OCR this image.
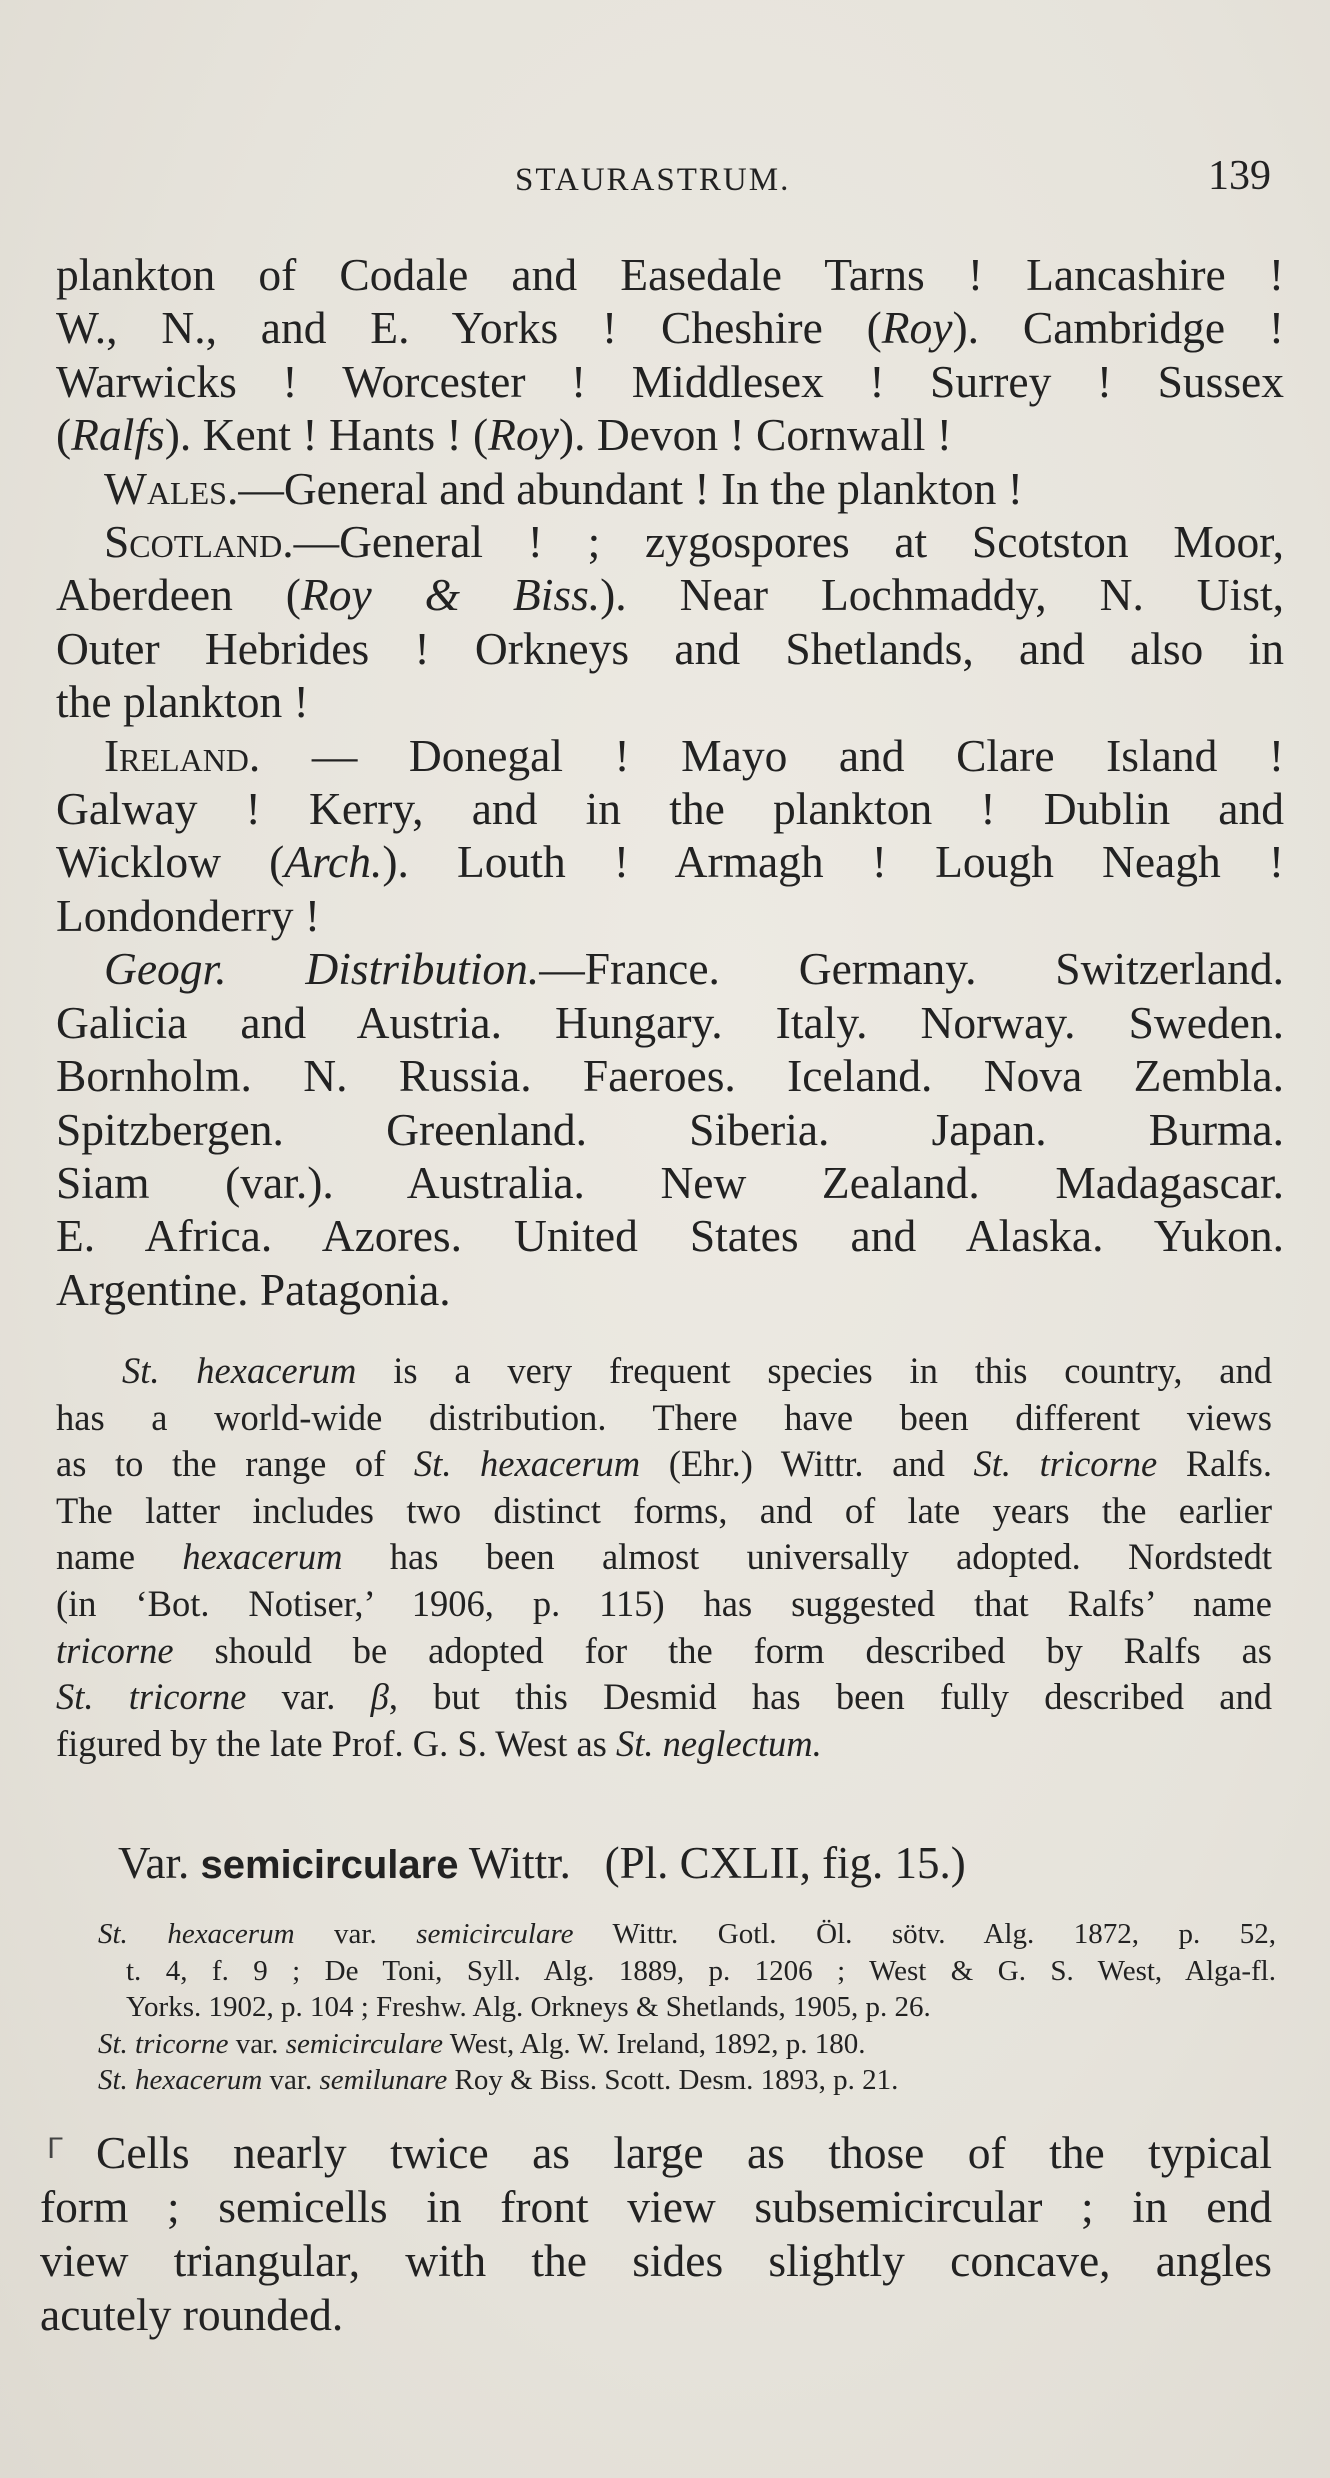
STAURASTRUM.	139
plankton of Codale and Easedale Tarns ! Lancashire !
W., N., and E. Yorks ! Cheshire (Roy). Cambridge !
Warwicks ! Worcester ! Middlesex ! Surrey ! Sussex
(Ralfs). Kent ! Hants ! (Roy). Devon ! Cornwall !
Wales.—General and abundant ! In the plankton !
Scotland.—General ! ; zygospores at Scotston Moor,
Aberdeen (Roy & Biss.). Near Lochmaddy, N. Uist,
Outer Hebrides ! Orkneys and Shetlands, and also in
the plankton !
Ireland. — Donegal ! Mayo and Clare Island !
Galway ! Kerry, and in the plankton ! Dublin and
Wicklow (Arch.). Louth ! Armagh ! Lough Neagh !
Londonderry !
Geogr. Distribution.—France. Germany. Switzerland.
Galicia and Austria. Hungary. Italy. Norway. Sweden.
Bornholm. N. Russia. Faeroes. Iceland. Nova Zembla.
Spitzbergen. Greenland. Siberia. Japan. Burma.
Siam (var.). Australia. New Zealand. Madagascar.
E. Africa. Azores. United States and Alaska. Yukon.
Argentine. Patagonia.
St. hexacerum is a very frequent species in this country, and
has a world-wide distribution. There have been different views
as to the range of St. hexacerum (Ehr.) Wittr. and St. tricorne Ralfs.
The latter includes two distinct forms, and of late years the earlier
name hexacerum has been almost universally adopted. Nordstedt
(in ‘Bot. Notiser,’ 1906, p. 115) has suggested that Ralfs’ name
tricorne should be adopted for the form described by Ralfs as
St. tricorne var. β, but this Desmid has been fully described and
figured by the late Prof. G. S. West as St. neglectum.
Var. semicirculare Wittr. (Pl. CXLII, fig. 15.)
St. hexacerum var. semicirculare Wittr. Gotl. Öl. sötv. Alg. 1872, p. 52,
t. 4, f. 9 ; De Toni, Syll. Alg. 1889, p. 1206 ; West & G. S. West, Alga-fl.
Yorks. 1902, p. 104 ; Freshw. Alg. Orkneys & Shetlands, 1905, p. 26.
St. tricorne var. semicirculare West, Alg. W. Ireland, 1892, p. 180.
St. hexacerum var. semilunare Roy & Biss. Scott. Desm. 1893, p. 21.
ᒥ Cells nearly twice as large as those of the typical
form ; semicells in front view subsemicircular ; in end
view triangular, with the sides slightly concave, angles
acutely rounded.
